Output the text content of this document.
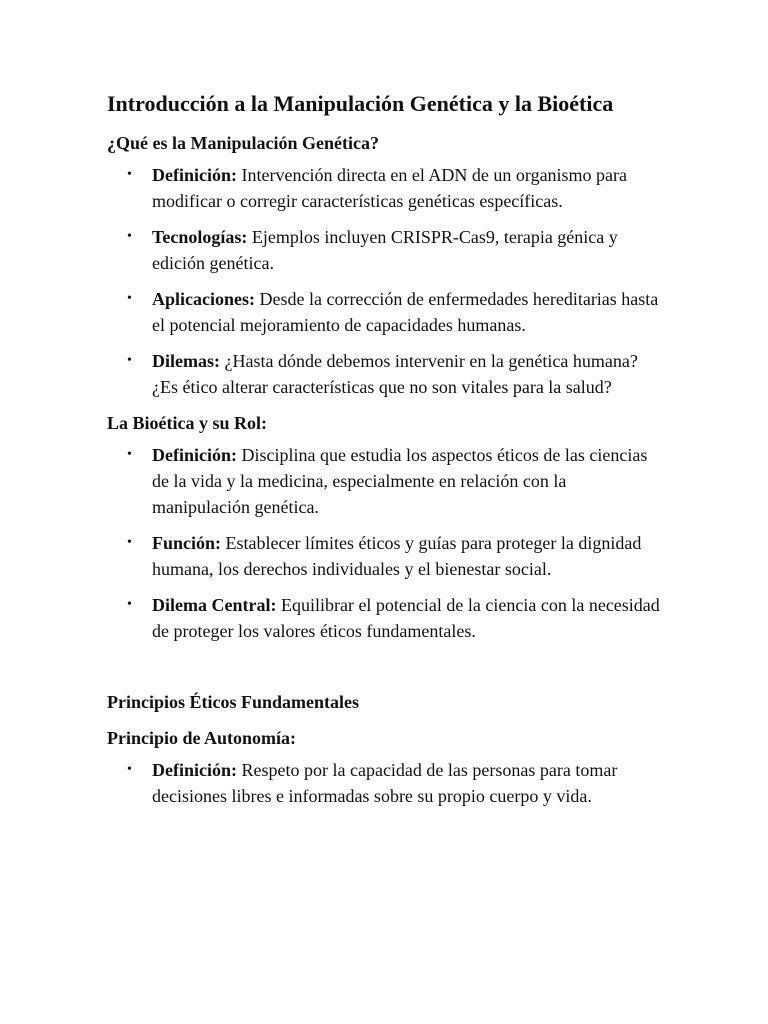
Introducción a la Manipulación Genética y la Bioética
¿Qué es la Manipulación Genética?
• Definición: Intervención directa en el ADN de un organismo para modificar o corregir características genéticas específicas.
• Tecnologías: Ejemplos incluyen CRISPR-Cas9, terapia génica y edición genética.
• Aplicaciones: Desde la corrección de enfermedades hereditarias hasta el potencial mejoramiento de capacidades humanas.
• Dilemas: ¿Hasta dónde debemos intervenir en la genética humana? ¿Es ético alterar características que no son vitales para la salud?
La Bioética y su Rol:
• Definición: Disciplina que estudia los aspectos éticos de las ciencias de la vida y la medicina, especialmente en relación con la manipulación genética.
• Función: Establecer límites éticos y guías para proteger la dignidad humana, los derechos individuales y el bienestar social.
• Dilema Central: Equilibrar el potencial de la ciencia con la necesidad de proteger los valores éticos fundamentales.
Principios Éticos Fundamentales
Principio de Autonomía:
• Definición: Respeto por la capacidad de las personas para tomar decisiones libres e informadas sobre su propio cuerpo y vida.
